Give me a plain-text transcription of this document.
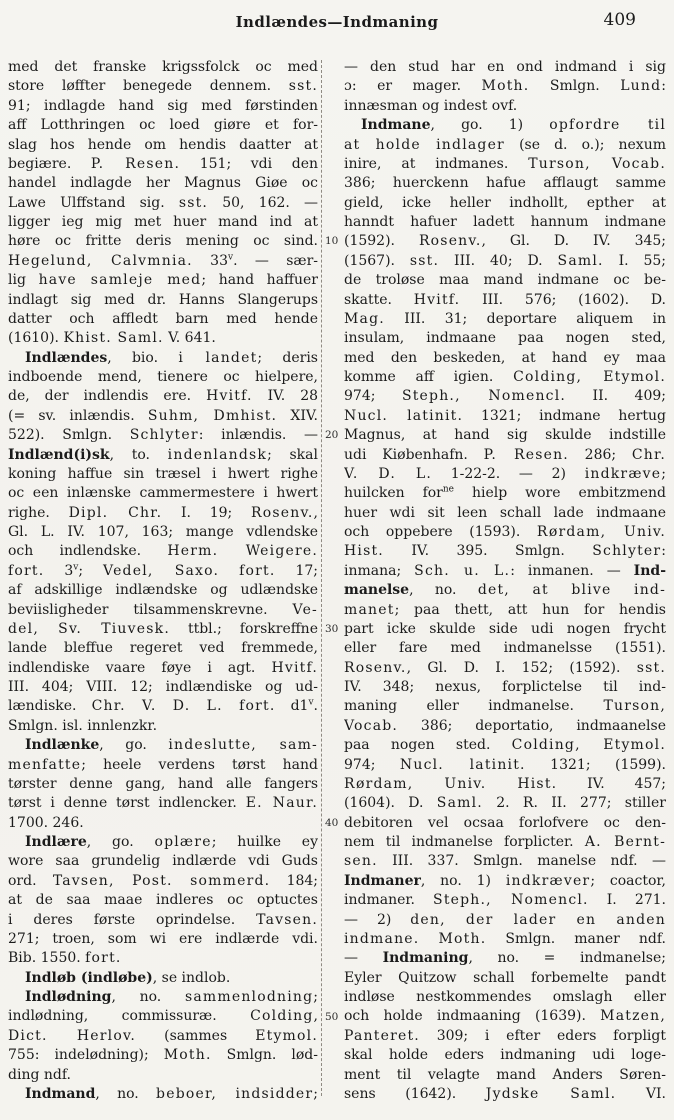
Indlændes—Indmaning	409
med det franske krigssfolck oc med
store løffter benegede dennem. sst.
91; indlagde hand sig med førstinden
aff Lotthringen oc loed giøre et for-
slag hos hende om hendis daatter at
begiære. P. Resen. 151; vdi den
handel indlagde her Magnus Giøe oc
Lawe Ulffstand sig. sst. 50, 162. —
ligger ieg mig met huer mand ind at
høre oc fritte deris mening oc sind.
Hegelund, Calvmnia. 33$^v$. — sær-
lig have samleje med; hand haffuer
indlagt sig med dr. Hanns Slangerups
datter och affledt barn med hende
(1610). Khist. Saml. V. 641.
Indlændes, bio. i landet; deris
indboende mend, tienere oc hielpere,
de, der indlendis ere. Hvitf. IV. 28
(= sv. inlændis. Suhm, Dmhist. XIV.
522). Smlgn. Schlyter: inlændis. —
Indlænd(i)sk, to. indenlandsk; skal
koning haffue sin træsel i hwert righe
oc een inlænske cammermestere i hwert
righe. Dipl. Chr. I. 19; Rosenv.,
Gl. L. IV. 107, 163; mange vdlendske
och indlendske. Herm. Weigere.
fort. 3$^v$; Vedel, Saxo. fort. 17;
af adskillige indlændske og udlændske
beviisligheder tilsammenskrevne. Ve-
del, Sv. Tiuvesk. ttbl.; forskreffne
lande bleffue regeret ved fremmede,
indlendiske vaare føye i agt. Hvitf.
III. 404; VIII. 12; indlændiske og ud-
lændiske. Chr. V. D. L. fort. d1$^v$.
Smlgn. isl. innlenzkr.
Indlænke, go. indeslutte, sam-
menfatte; heele verdens tørst hand
tørster denne gang, hand alle fangers
tørst i denne tørst indlencker. E. Naur.
1700. 246.
Indlære, go. oplære; huilke ey
wore saa grundelig indlærde vdi Guds
ord. Tavsen, Post. sommerd. 184;
at de saa maae indleres oc optuctes
i deres første oprindelse. Tavsen.
271; troen, som wi ere indlærde vdi.
Bib. 1550. fort.
Indløb (indløbe), se indlob.
Indlødning, no. sammenlodning;
indlødning, commissuræ. Colding,
Dict. Herlov. (sammes Etymol.
755: indelødning); Moth. Smlgn. lød-
ding ndf.
Indmand, no. beboer, indsidder;
10
20
30
40
50
— den stud har en ond indmand i sig
ɔ: er mager. Moth. Smlgn. Lund:
innæsman og indest ovf.
Indmane, go. 1) opfordre til
at holde indlager (se d. o.); nexum
inire, at indmanes. Turson, Vocab.
386; huerckenn hafue afflaugt samme
gield, icke heller indhollt, epther at
hanndt hafuer ladett hannum indmane
(1592). Rosenv., Gl. D. IV. 345;
(1567). sst. III. 40; D. Saml. I. 55;
de troløse maa mand indmane oc be-
skatte. Hvitf. III. 576; (1602). D.
Mag. III. 31; deportare aliquem in
insulam, indmaane paa nogen sted,
med den beskeden, at hand ey maa
komme aff igien. Colding, Etymol.
974; Steph., Nomencl. II. 409;
Nucl. latinit. 1321; indmane hertug
Magnus, at hand sig skulde indstille
udi Kiøbenhafn. P. Resen. 286; Chr.
V. D. L. 1-22-2. — 2) indkræve;
huilcken for$^{ne}$ hielp wore embitzmend
huer wdi sit leen schall lade indmaane
och oppebere (1593). Rørdam, Univ.
Hist. IV. 395. Smlgn. Schlyter:
inmana; Sch. u. L.: inmanen. — Ind-
manelse, no. det, at blive ind-
manet; paa thett, att hun for hendis
part icke skulde side udi nogen frycht
eller fare med indmanelsse (1551).
Rosenv., Gl. D. I. 152; (1592). sst.
IV. 348; nexus, forplictelse til ind-
maning eller indmanelse. Turson,
Vocab. 386; deportatio, indmaanelse
paa nogen sted. Colding, Etymol.
974; Nucl. latinit. 1321; (1599).
Rørdam, Univ. Hist. IV. 457;
(1604). D. Saml. 2. R. II. 277; stiller
debitoren vel ocsaa forlofvere oc den-
nem til indmanelse forplicter. A. Bernt-
sen. III. 337. Smlgn. manelse ndf. —
Indmaner, no. 1) indkræver; coactor,
indmaner. Steph., Nomencl. I. 271.
— 2) den, der lader en anden
indmane. Moth. Smlgn. maner ndf.
— Indmaning, no. = indmanelse;
Eyler Quitzow schall forbemelte pandt
indløse nestkommendes omslagh eller
och holde indmaaning (1639). Matzen,
Panteret. 309; i efter eders forpligt
skal holde eders indmaning udi loge-
ment til velagte mand Anders Søren-
sens (1642). Jydske Saml. VI.
